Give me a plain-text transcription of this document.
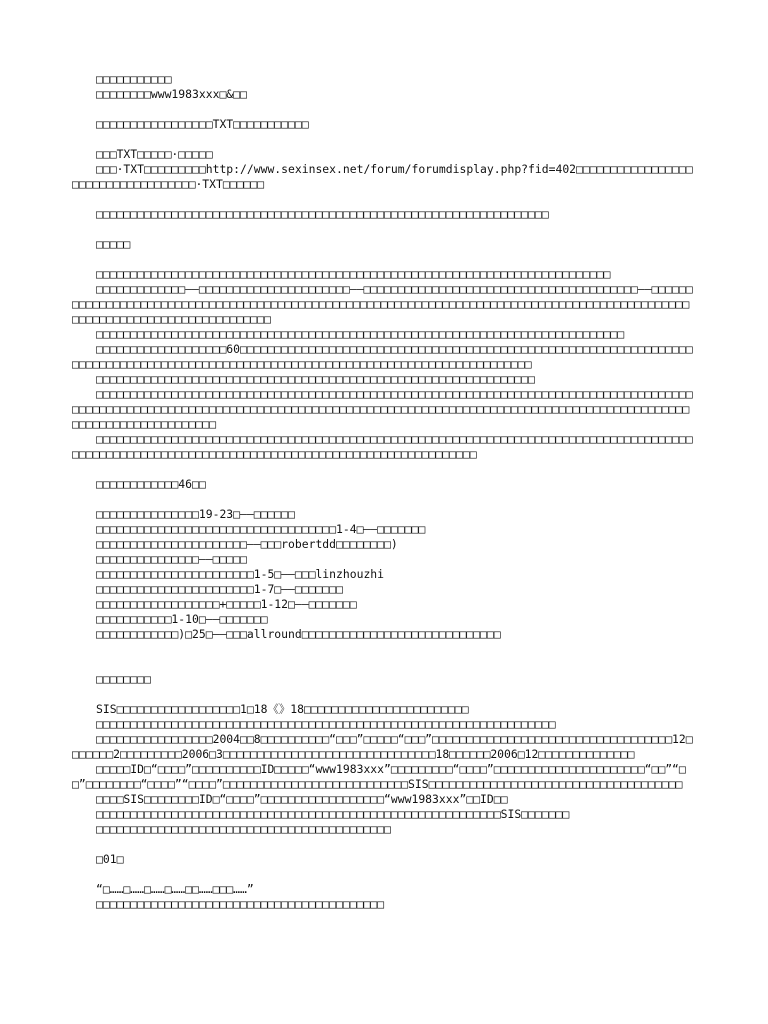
□□□□□□□□□□□

□□□□□□□□www1983xxx□&□□

□□□□□□□□□□□□□□□□□TXT□□□□□□□□□□□

□□□TXT□□□□□·□□□□□

□□□·TXT□□□□□□□□□http://www.sexinsex.net/forum/forumdisplay.php?fid=402□□□□□□□□□□□□□□□□□□□□□□□□□□□□□□□□□□□·TXT□□□□□□

□□□□□□□□□□□□□□□□□□□□□□□□□□□□□□□□□□□□□□□□□□□□□□□□□□□□□□□□□□□□□□□□□□

□□□□□

□□□□□□□□□□□□□□□□□□□□□□□□□□□□□□□□□□□□□□□□□□□□□□□□□□□□□□□□□□□□□□□□□□□□□□□□□□□

□□□□□□□□□□□□□——□□□□□□□□□□□□□□□□□□□□□□——□□□□□□□□□□□□□□□□□□□□□□□□□□□□□□□□□□□□□□□□——□□□□□□□□□□□□□□□□□□□□□□□□□□□□□□□□□□□□□□□□□□□□□□□□□□□□□□□□□□□□□□□□□□□□□□□□□□□□□□□□□□□□□□□□□□□□□□□□□□□□□□□□□□□□□□□□□□□□□□□□□□□□□

□□□□□□□□□□□□□□□□□□□□□□□□□□□□□□□□□□□□□□□□□□□□□□□□□□□□□□□□□□□□□□□□□□□□□□□□□□□□□

□□□□□□□□□□□□□□□□□□□60□□□□□□□□□□□□□□□□□□□□□□□□□□□□□□□□□□□□□□□□□□□□□□□□□□□□□□□□□□□□□□□□□□□□□□□□□□□□□□□□□□□□□□□□□□□□□□□□□□□□□□□□□□□□□□□□□□□□□□□□□□□□□□□□□□□□□

□□□□□□□□□□□□□□□□□□□□□□□□□□□□□□□□□□□□□□□□□□□□□□□□□□□□□□□□□□□□□□□□

□□□□□□□□□□□□□□□□□□□□□□□□□□□□□□□□□□□□□□□□□□□□□□□□□□□□□□□□□□□□□□□□□□□□□□□□□□□□□□□□□□□□□□□□□□□□□□□□□□□□□□□□□□□□□□□□□□□□□□□□□□□□□□□□□□□□□□□□□□□□□□□□□□□□□□□□□□□□□□□□□□□□□□□□□□□□□□□□□□□□□□□□□□□□□□□□□□□□□□

□□□□□□□□□□□□□□□□□□□□□□□□□□□□□□□□□□□□□□□□□□□□□□□□□□□□□□□□□□□□□□□□□□□□□□□□□□□□□□□□□□□□□□□□□□□□□□□□□□□□□□□□□□□□□□□□□□□□□□□□□□□□□□□□□□□□□□□□□□□□□□□□□□

□□□□□□□□□□□□46□□

□□□□□□□□□□□□□□□19-23□——□□□□□□

□□□□□□□□□□□□□□□□□□□□□□□□□□□□□□□□□□□1-4□——□□□□□□□

□□□□□□□□□□□□□□□□□□□□□□——□□□robertdd□□□□□□□□)

□□□□□□□□□□□□□□□——□□□□□

□□□□□□□□□□□□□□□□□□□□□□□1-5□——□□□linzhouzhi

□□□□□□□□□□□□□□□□□□□□□□□1-7□——□□□□□□□

□□□□□□□□□□□□□□□□□□+□□□□□1-12□——□□□□□□□

□□□□□□□□□□□1-10□——□□□□□□□

□□□□□□□□□□□□)□25□——□□□allround□□□□□□□□□□□□□□□□□□□□□□□□□□□□□

□□□□□□□□

SIS□□□□□□□□□□□□□□□□□□1□18《》18□□□□□□□□□□□□□□□□□□□□□□□□

□□□□□□□□□□□□□□□□□□□□□□□□□□□□□□□□□□□□□□□□□□□□□□□□□□□□□□□□□□□□□□□□□□□

□□□□□□□□□□□□□□□□□2004□□8□□□□□□□□□□“□□□”□□□□□“□□□”□□□□□□□□□□□□□□□□□□□□□□□□□□□□□□□□□□□12□□□□□□□2□□□□□□□□□2006□3□□□□□□□□□□□□□□□□□□□□□□□□□□□□□□□18□□□□□□2006□12□□□□□□□□□□□□□□

□□□□□ID□“□□□□”□□□□□□□□□□ID□□□□□“www1983xxx”□□□□□□□□□“□□□□”□□□□□□□□□□□□□□□□□□□□□□“□□”“□□”□□□□□□□□“□□□□”“□□□□”□□□□□□□□□□□□□□□□□□□□□□□□□□□SIS□□□□□□□□□□□□□□□□□□□□□□□□□□□□□□□□□□□□□

□□□□SIS□□□□□□□□ID□“□□□□”□□□□□□□□□□□□□□□□□□“www1983xxx”□□ID□□

□□□□□□□□□□□□□□□□□□□□□□□□□□□□□□□□□□□□□□□□□□□□□□□□□□□□□□□□□□□SIS□□□□□□□

□□□□□□□□□□□□□□□□□□□□□□□□□□□□□□□□□□□□□□□□□□□

□01□

“□……□……□……□……□□……□□□……”

□□□□□□□□□□□□□□□□□□□□□□□□□□□□□□□□□□□□□□□□□□
